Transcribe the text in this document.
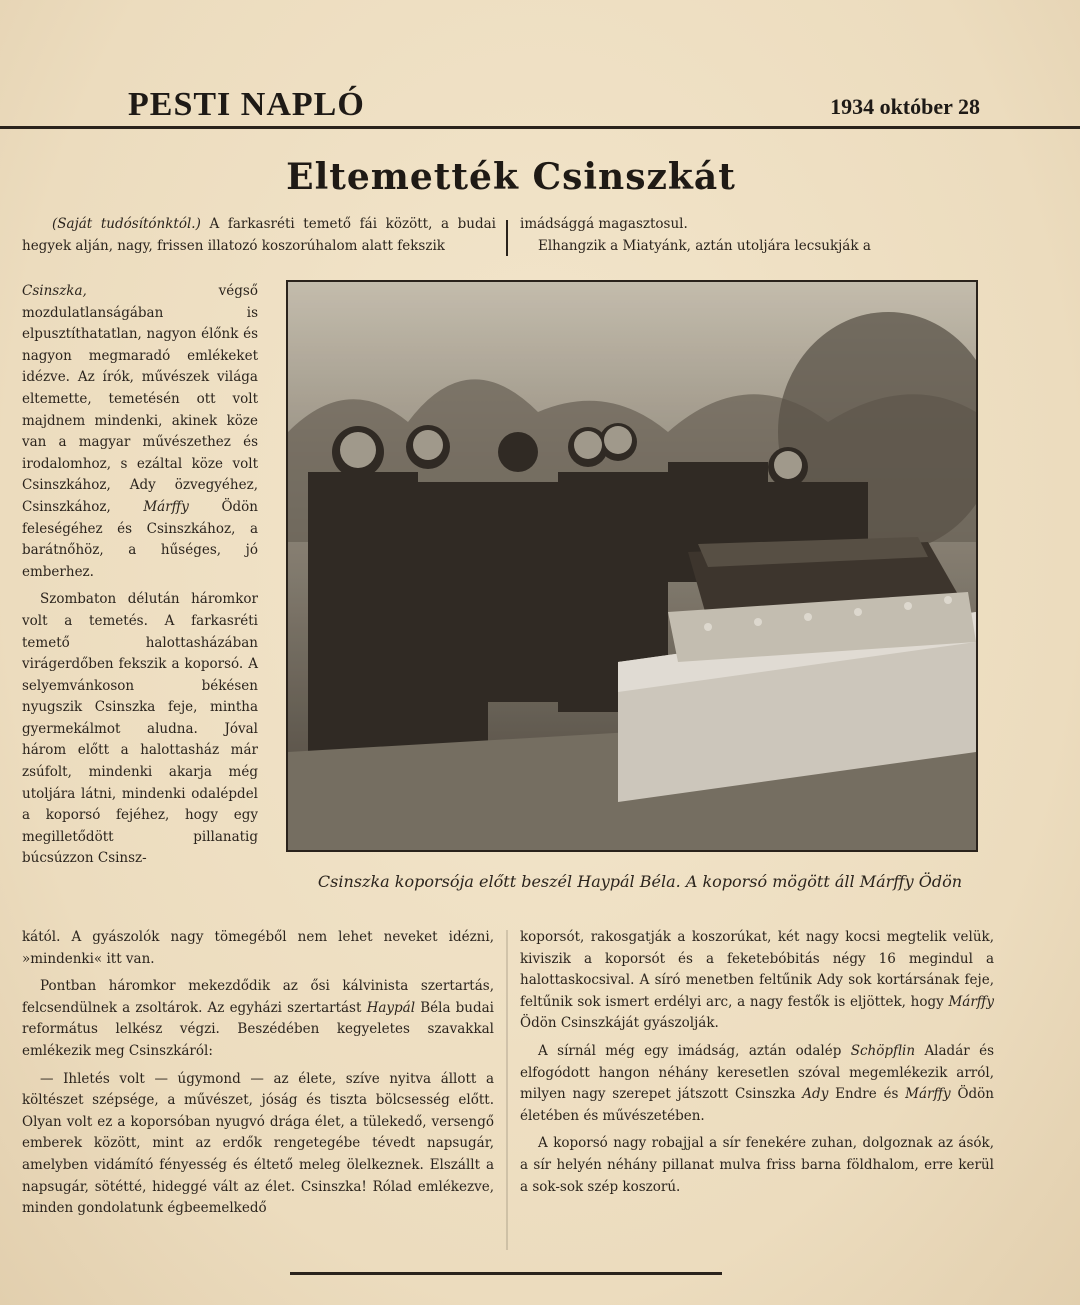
PESTI NAPLÓ	1934 október 28
Eltemették Csinszkát

(Saját tudósítónktól.) A farkasréti temető fái között, a budai hegyek alján, nagy, frissen illatozó koszorúhalom alatt fekszik

Csinszka,	végső mozdulatlanságában is elpusztíthatatlan, nagyon élőnk és nagyon megmaradó emlékeket idézve. Az írók, művészek világa eltemette, temetésén ott volt majdnem mindenki, akinek köze van a magyar művészethez és irodalomhoz, s ezáltal köze volt Csinszkához, Ady özvegyéhez, Csinszkához, Márffy Ödön feleségéhez és Csinszkához, a barátnőhöz, a hűséges, jó emberhez.

Szombaton délután háromkor volt a temetés. A farkasréti temető halottasházában virágerdőben fekszik a koporsó. A selyemvánkoson békésen nyugszik Csinszka feje, mintha gyermekálmot aludna. Jóval három előtt a halottasház már zsúfolt, mindenki akarja még utoljára látni, mindenki odalépdel a koporsó fejéhez, hogy egy megilletődött pillanatig búcsúzzon Csinsz-

imádsággá magasztosul.

Elhangzik a Miatyánk, aztán utoljára lecsukják a

Csinszka koporsója előtt beszél Haypál Béla. A koporsó mögött áll Márffy Ödön

kától. A gyászolók nagy tömegéből nem lehet neveket idézni, »mindenki« itt van.

Pontban háromkor mekezdődik az ősi kálvinista szertartás, felcsendülnek a zsoltárok. Az egyházi szertartást Haypál Béla budai református lelkész végzi. Beszédében kegyeletes szavakkal emlékezik meg Csinszkáról:

— Ihletés volt — úgymond — az élete, szíve nyitva állott a költészet szépsége, a művészet, jóság és tiszta bölcsesség előtt. Olyan volt ez a koporsóban nyugvó drága élet, a tülekedő, versengő emberek között, mint az erdők rengetegébe tévedt napsugár, amelyben vidámító fényesség és éltető meleg ölelkeznek. Elszállt a napsugár, sötétté, hideggé vált az élet. Csinszka! Rólad emlékezve, minden gondolatunk égbeemelkedő

koporsót, rakosgatják a koszorúkat, két nagy kocsi megtelik velük, kiviszik a koporsót és a feketebóbitás négy 16 megindul a halottaskocsival. A síró menetben feltűnik Ady sok kortársának feje, feltűnik sok ismert erdélyi arc, a nagy festők is eljöttek, hogy Márffy Ödön Csinszkáját gyászolják.

A sírnál még egy imádság, aztán odalép Schöpflin Aladár és elfogódott hangon néhány keresetlen szóval megemlékezik arról, milyen nagy szerepet játszott Csinszka Ady Endre és Márffy Ödön életében és művészetében.

A koporsó nagy robajjal a sír fenekére zuhan, dolgoznak az ásók, a sír helyén néhány pillanat mulva friss barna földhalom, erre kerül a sok-sok szép koszorú.
